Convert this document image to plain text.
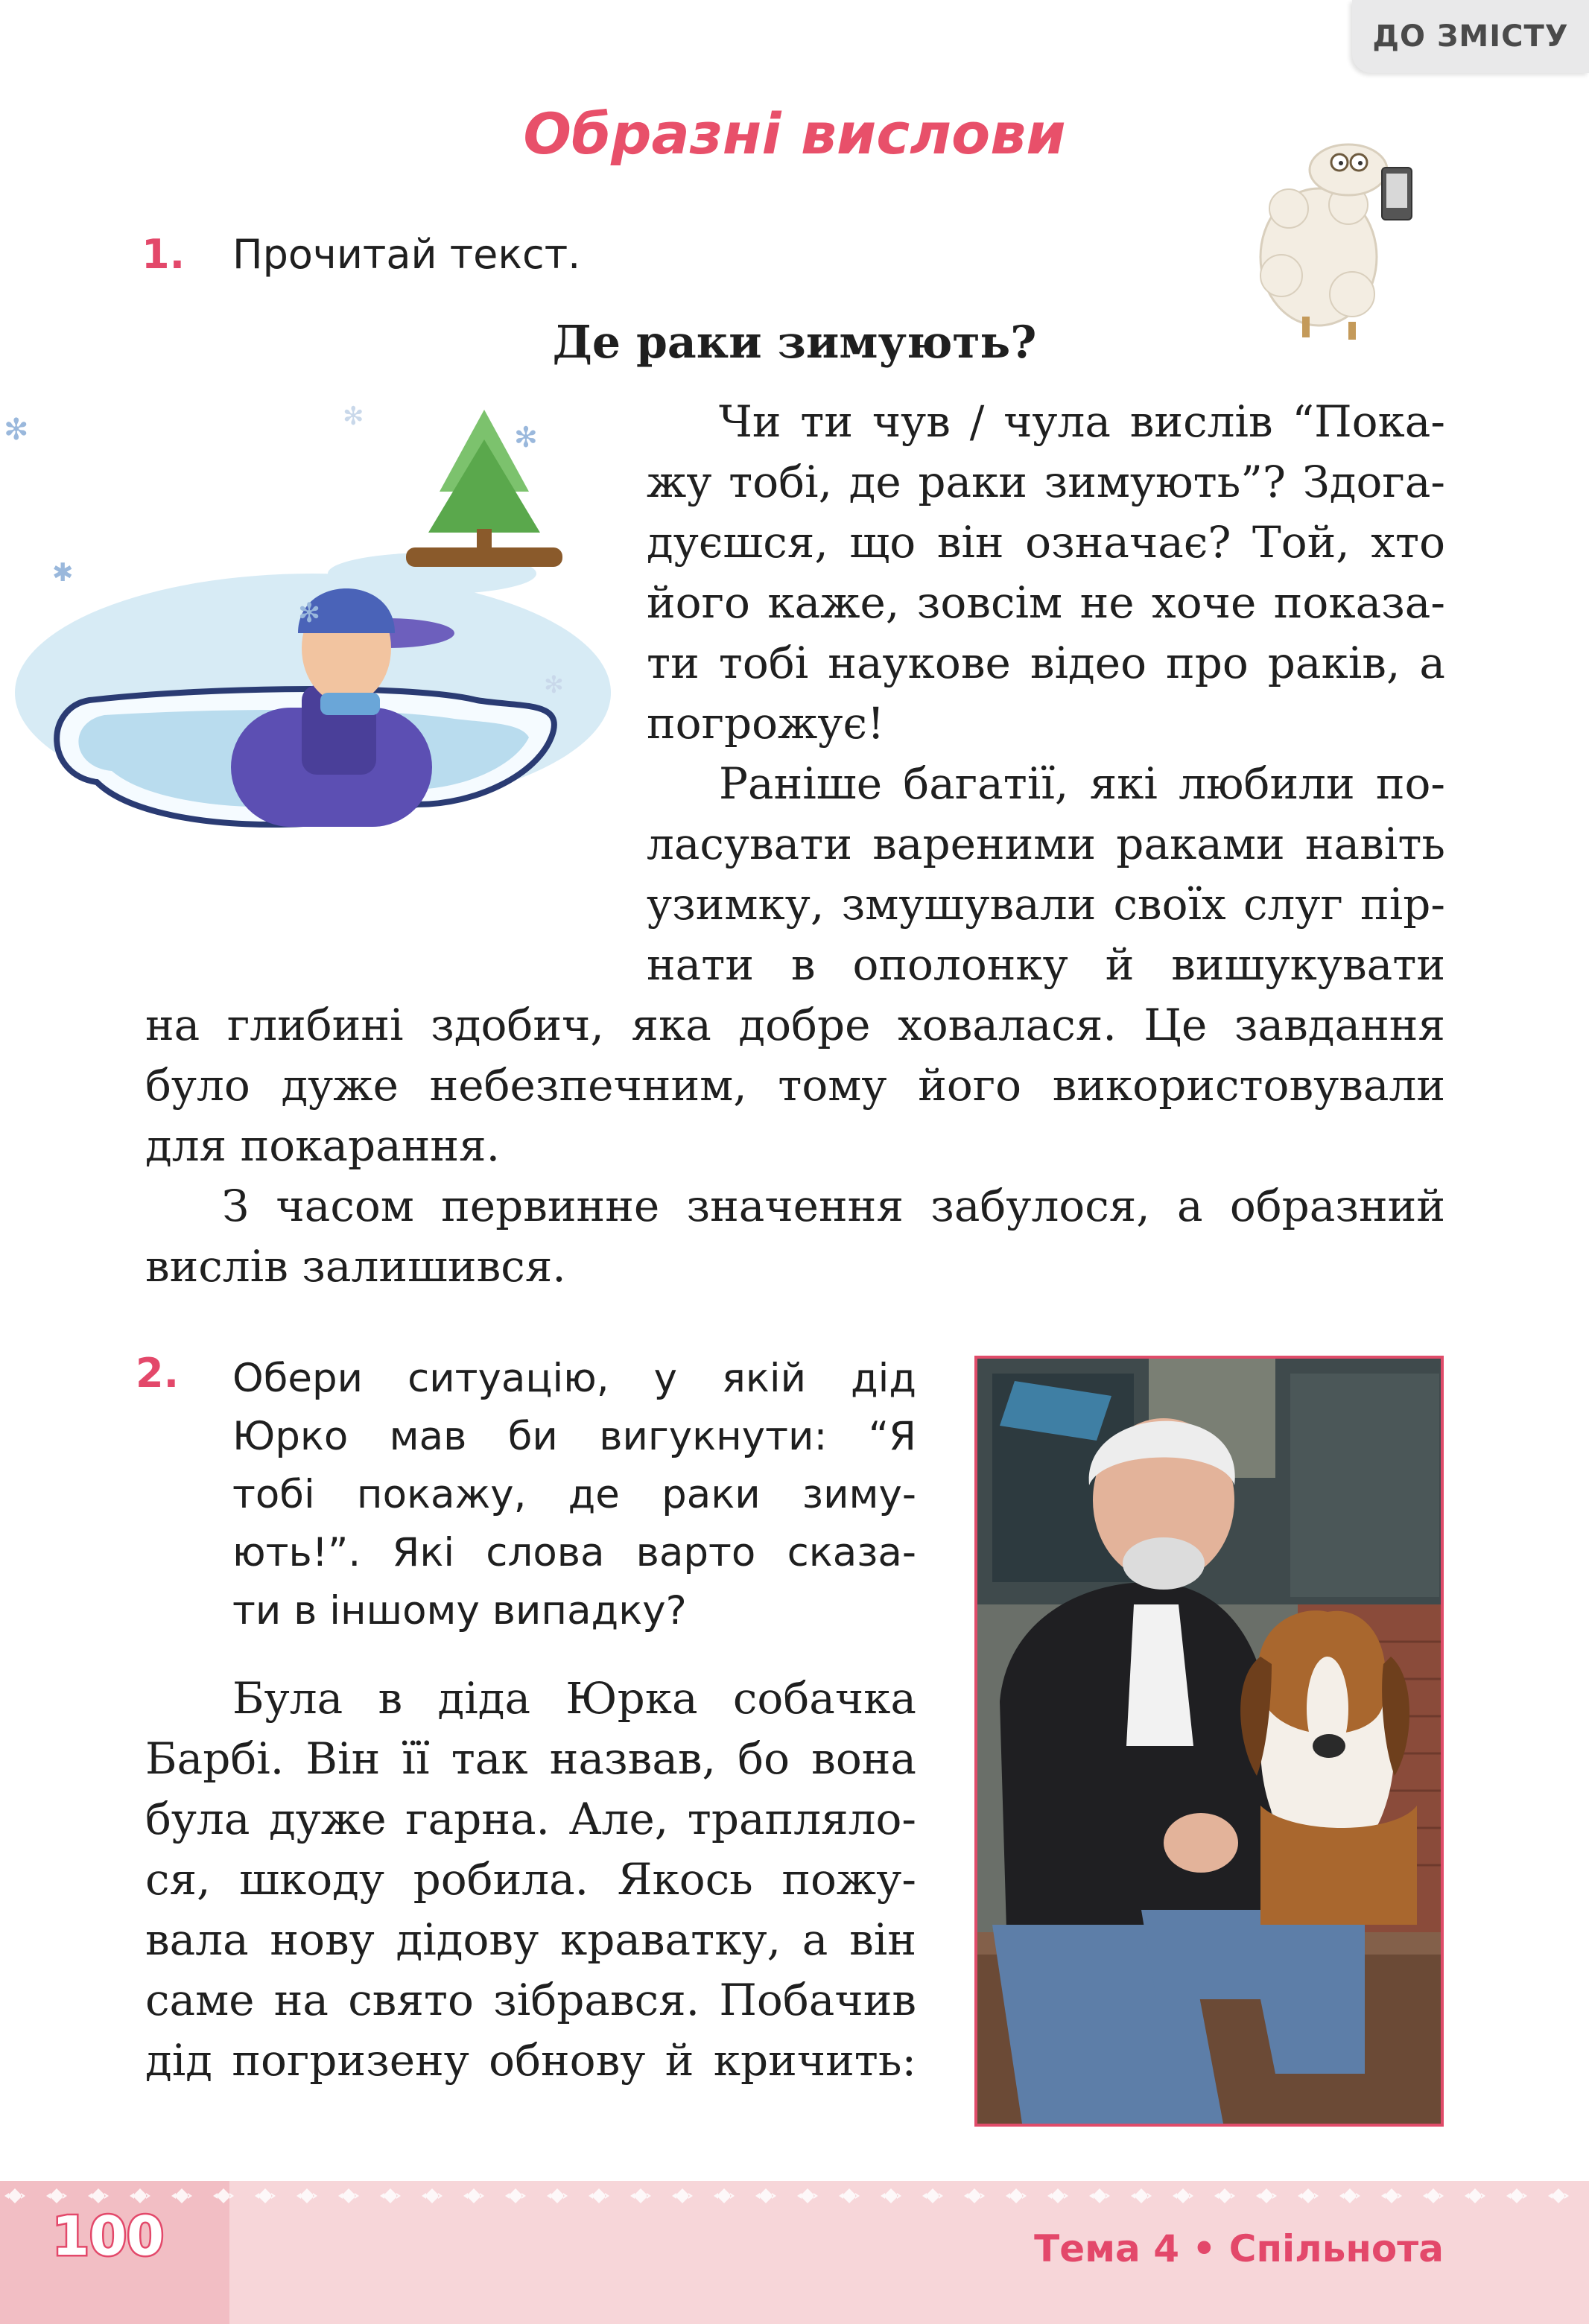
ДО ЗМІСТУ
Образні вислови
1. Прочитай текст.
Де раки зимують?
✻
✻
✱
✻
✻
✻
Чи ти чув / чула вислів “Пока-
жу тобі, де раки зимують”? Здога-
дуєшся, що він означає? Той, хто
його каже, зовсім не хоче показа-
ти тобі наукове відео про раків, а
погрожує!
Раніше багатії, які любили по-
ласувати вареними раками навіть
узимку, змушували своїх слуг пір-
нати в ополонку й вишукувати
на глибині здобич, яка добре ховалася. Це завдання
було дуже небезпечним, тому його використовували
для покарання.
З часом первинне значення забулося, а образний
вислів залишився.
2. Обери ситуацію, у якій дід
Юрко мав би вигукнути: “Я
тобі покажу, де раки зиму-
ють!”. Які слова варто сказа-
ти в іншому випадку?
Була в діда Юрка собачка
Барбі. Він її так назвав, бо вона
була дуже гарна. Але, трапляло-
ся, шкоду робила. Якось пожу-
вала нову дідову краватку, а він
саме на свято зібрався. Побачив
дід погризену обнову й кричить:
100	Тема 4 • Спільнота
